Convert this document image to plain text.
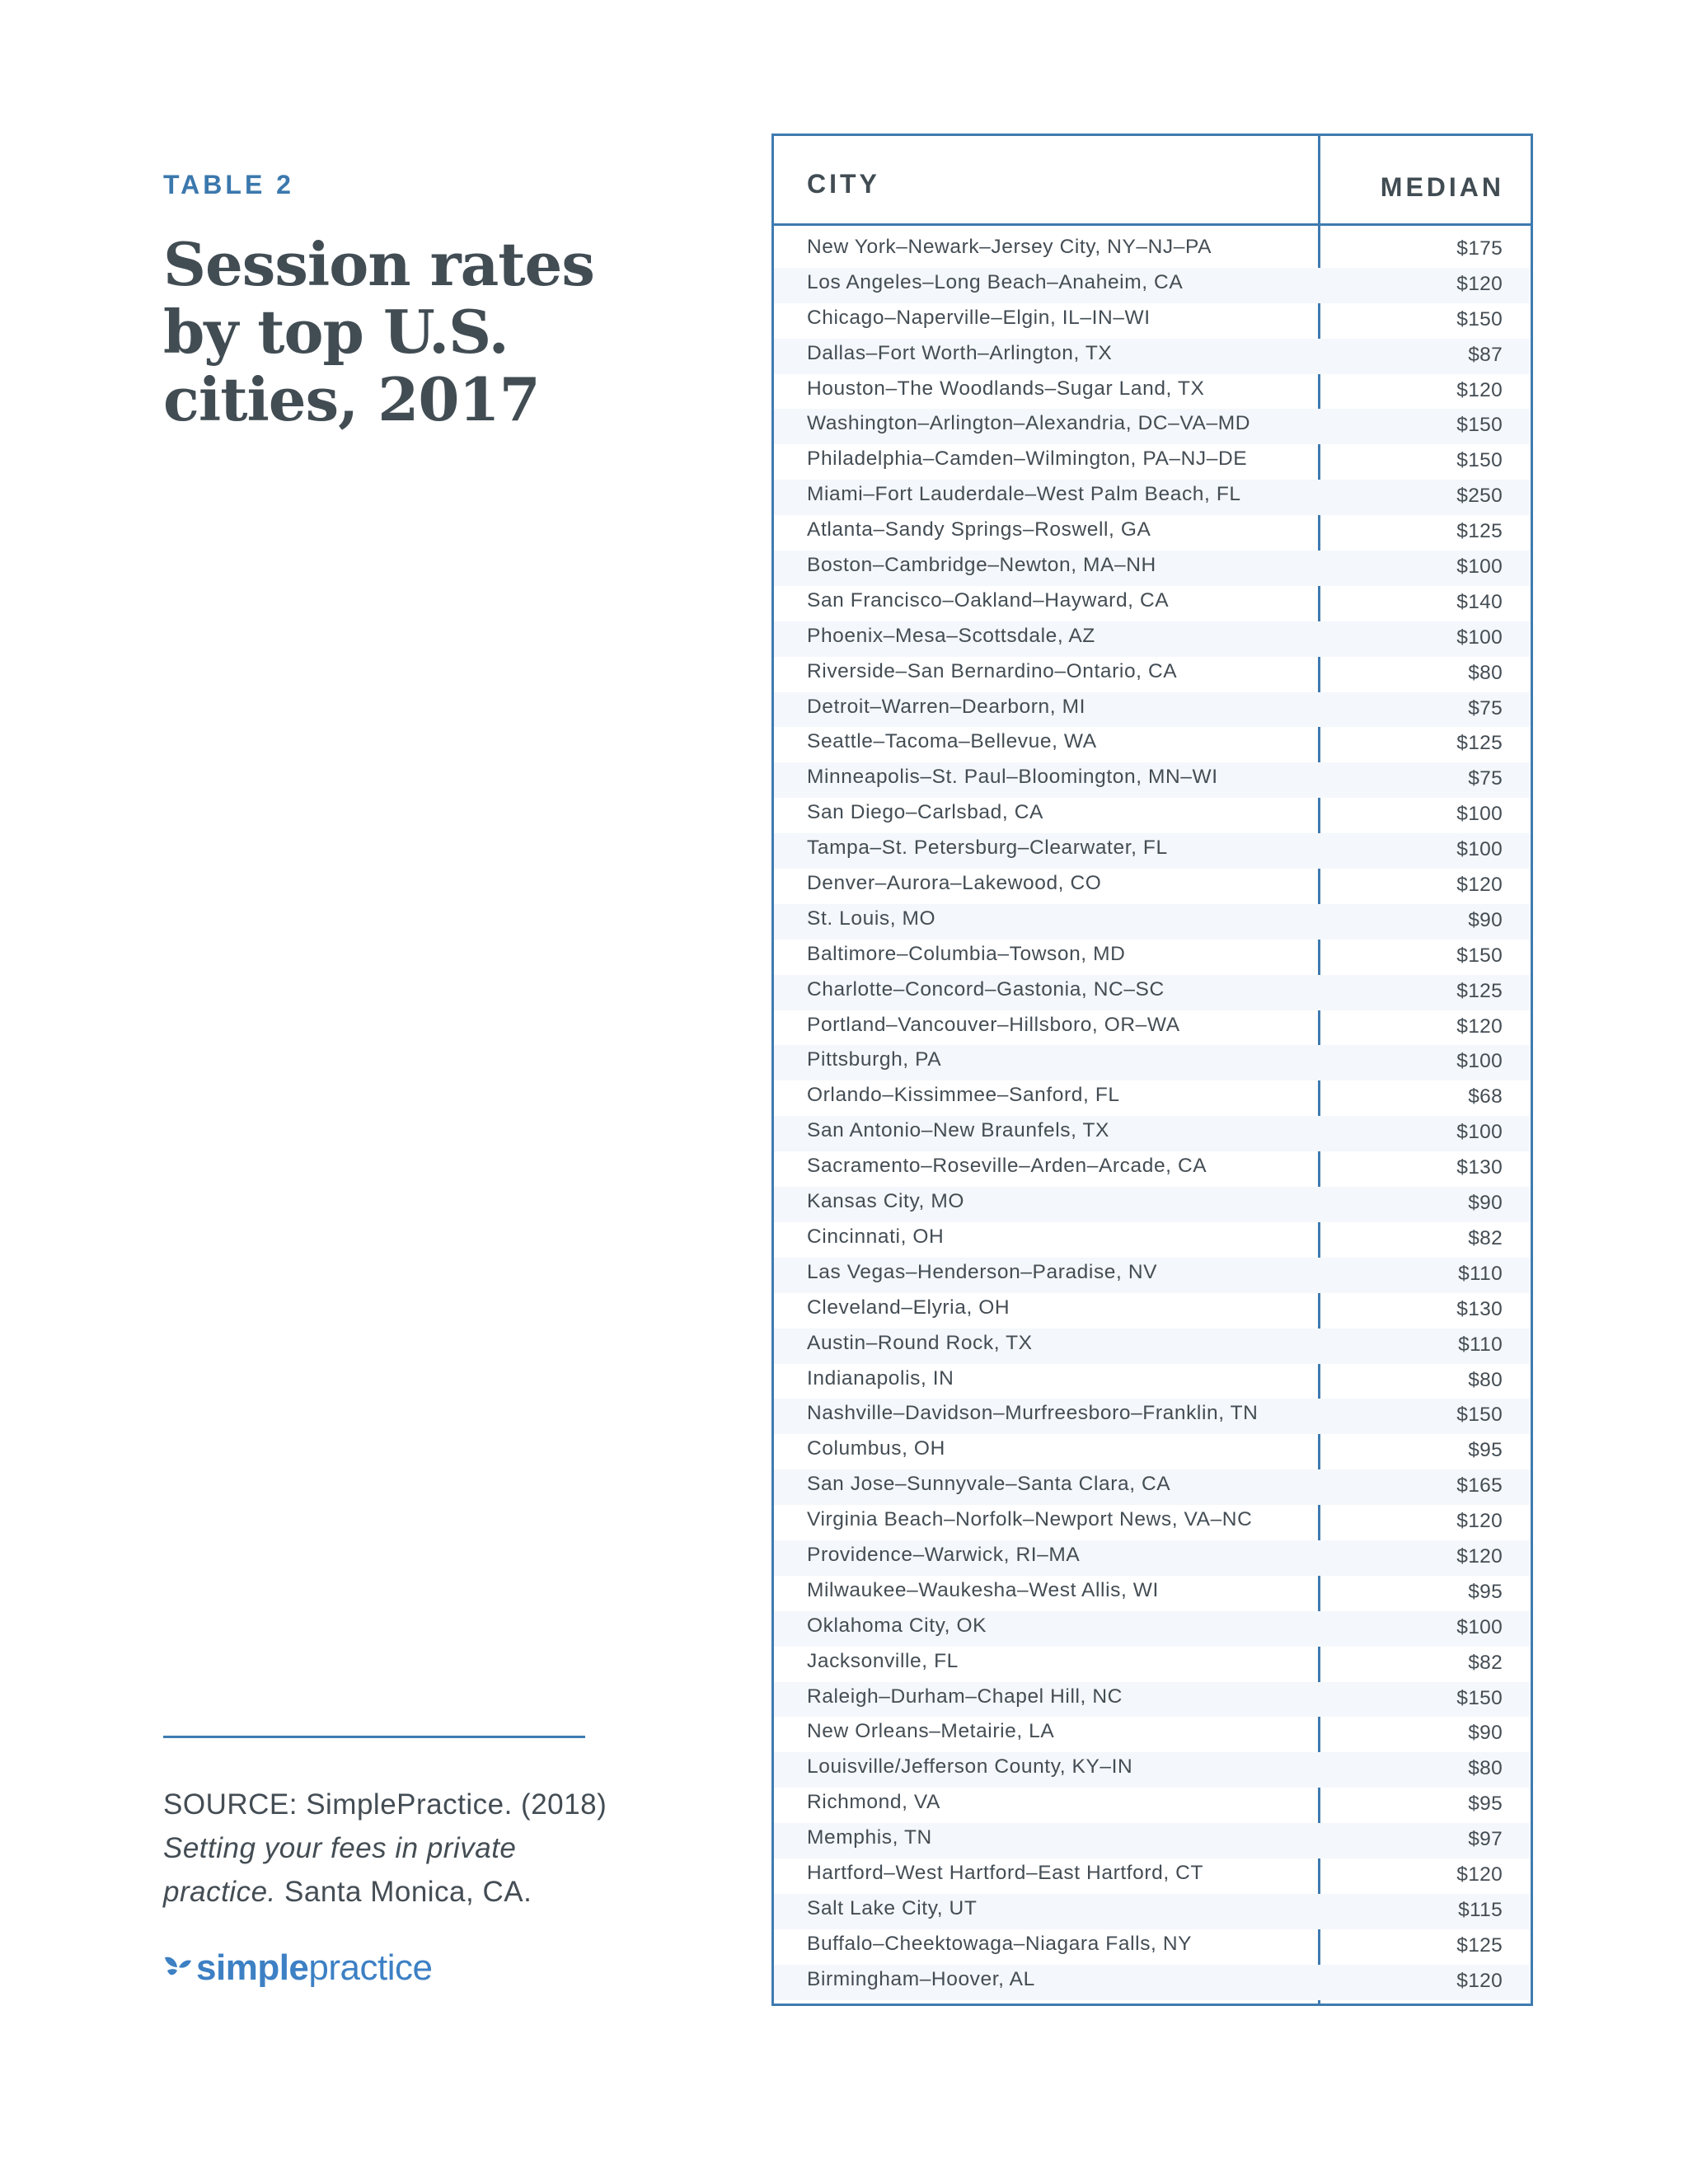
TABLE 2
Session rates by top U.S. cities, 2017
SOURCE: SimplePractice. (2018)
Setting your fees in private practice. Santa Monica, CA.
simple practice
CITY	MEDIAN
New York–Newark–Jersey City, NY–NJ–PA	$175
Los Angeles–Long Beach–Anaheim, CA	$120
Chicago–Naperville–Elgin, IL–IN–WI	$150
Dallas–Fort Worth–Arlington, TX	$87
Houston–The Woodlands–Sugar Land, TX	$120
Washington–Arlington–Alexandria, DC–VA–MD	$150
Philadelphia–Camden–Wilmington, PA–NJ–DE	$150
Miami–Fort Lauderdale–West Palm Beach, FL	$250
Atlanta–Sandy Springs–Roswell, GA	$125
Boston–Cambridge–Newton, MA–NH	$100
San Francisco–Oakland–Hayward, CA	$140
Phoenix–Mesa–Scottsdale, AZ	$100
Riverside–San Bernardino–Ontario, CA	$80
Detroit–Warren–Dearborn, MI	$75
Seattle–Tacoma–Bellevue, WA	$125
Minneapolis–St. Paul–Bloomington, MN–WI	$75
San Diego–Carlsbad, CA	$100
Tampa–St. Petersburg–Clearwater, FL	$100
Denver–Aurora–Lakewood, CO	$120
St. Louis, MO	$90
Baltimore–Columbia–Towson, MD	$150
Charlotte–Concord–Gastonia, NC–SC	$125
Portland–Vancouver–Hillsboro, OR–WA	$120
Pittsburgh, PA	$100
Orlando–Kissimmee–Sanford, FL	$68
San Antonio–New Braunfels, TX	$100
Sacramento–Roseville–Arden–Arcade, CA	$130
Kansas City, MO	$90
Cincinnati, OH	$82
Las Vegas–Henderson–Paradise, NV	$110
Cleveland–Elyria, OH	$130
Austin–Round Rock, TX	$110
Indianapolis, IN	$80
Nashville–Davidson–Murfreesboro–Franklin, TN	$150
Columbus, OH	$95
San Jose–Sunnyvale–Santa Clara, CA	$165
Virginia Beach–Norfolk–Newport News, VA–NC	$120
Providence–Warwick, RI–MA	$120
Milwaukee–Waukesha–West Allis, WI	$95
Oklahoma City, OK	$100
Jacksonville, FL	$82
Raleigh–Durham–Chapel Hill, NC	$150
New Orleans–Metairie, LA	$90
Louisville/Jefferson County, KY–IN	$80
Richmond, VA	$95
Memphis, TN	$97
Hartford–West Hartford–East Hartford, CT	$120
Salt Lake City, UT	$115
Buffalo–Cheektowaga–Niagara Falls, NY	$125
Birmingham–Hoover, AL	$120
